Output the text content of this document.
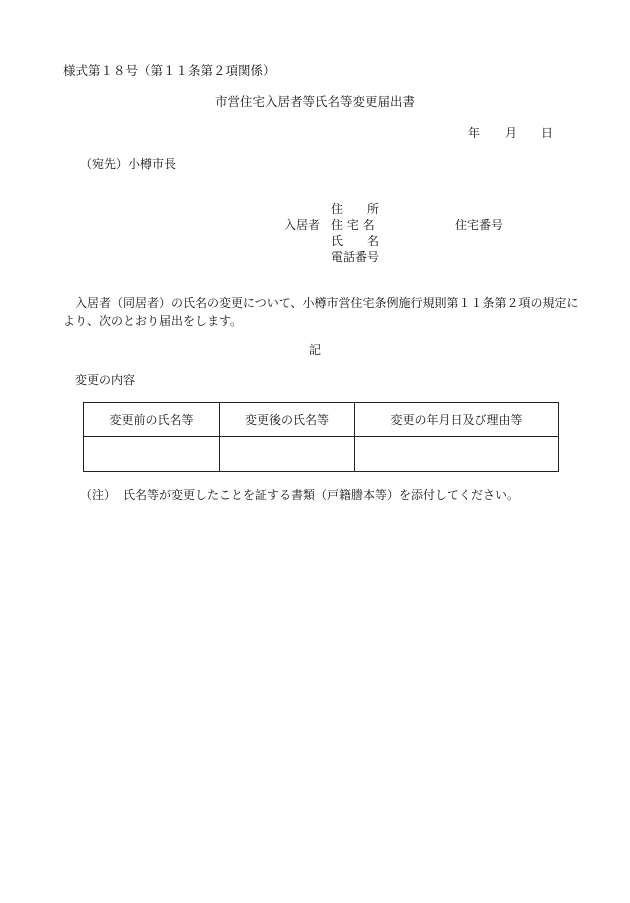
様式第１８号（第１１条第２項関係）
市営住宅入居者等氏名等変更届出書
年 月 日
（宛先）小樽市長
住　　所
入居者 住 宅 名	住宅番号
氏　　名
電話番号
入居者（同居者）の氏名の変更について、小樽市営住宅条例施行規則第１１条第２項の規定により、次のとおり届出をします。
記
変更の内容
変更前の氏名等	変更後の氏名等	変更の年月日及び理由等

（注） 氏名等が変更したことを証する書類（戸籍謄本等）を添付してください。
